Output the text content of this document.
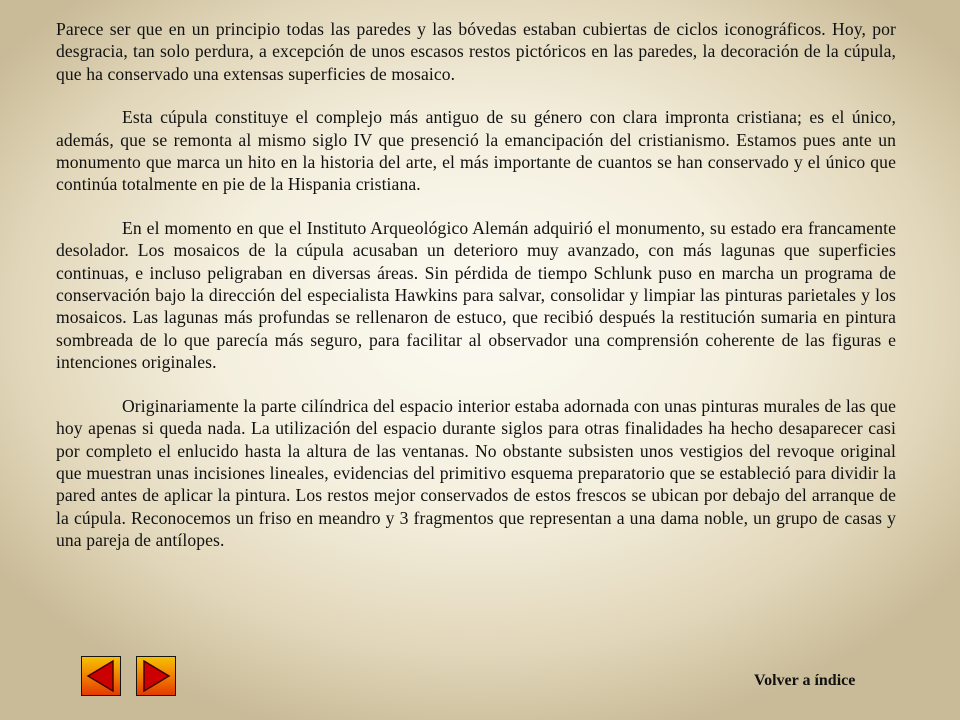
Parece ser que en un principio todas las paredes y las bóvedas estaban cubiertas de ciclos iconográficos. Hoy, por desgracia, tan solo perdura, a excepción de unos escasos restos pictóricos en las paredes, la decoración de la cúpula, que ha conservado una extensas superficies de mosaico.

Esta cúpula constituye el complejo más antiguo de su género con clara impronta cristiana; es el único, además, que se remonta al mismo siglo IV que presenció la emancipación del cristianismo. Estamos pues ante un monumento que marca un hito en la historia del arte, el más importante de cuantos se han conservado y el único que continúa totalmente en pie de la Hispania cristiana.

En el momento en que el Instituto Arqueológico Alemán adquirió el monumento, su estado era francamente desolador. Los mosaicos de la cúpula acusaban un deterioro muy avanzado, con más lagunas que superficies continuas, e incluso peligraban en diversas áreas. Sin pérdida de tiempo Schlunk puso en marcha un programa de conservación bajo la dirección del especialista Hawkins para salvar, consolidar y limpiar las pinturas parietales y los mosaicos. Las lagunas más profundas se rellenaron de estuco, que recibió después la restitución sumaria en pintura sombreada de lo que parecía más seguro, para facilitar al observador una comprensión coherente de las figuras e intenciones originales.

Originariamente la parte cilíndrica del espacio interior estaba adornada con unas pinturas murales de las que hoy apenas si queda nada. La utilización del espacio durante siglos para otras finalidades ha hecho desaparecer casi por completo el enlucido hasta la altura de las ventanas. No obstante subsisten unos vestigios del revoque original que muestran unas incisiones lineales, evidencias del primitivo esquema preparatorio que se estableció para dividir la pared antes de aplicar la pintura. Los restos mejor conservados de estos frescos se ubican por debajo del arranque de la cúpula. Reconocemos un friso en meandro y 3 fragmentos que representan a una dama noble, un grupo de casas y una pareja de antílopes.

Volver a índice
